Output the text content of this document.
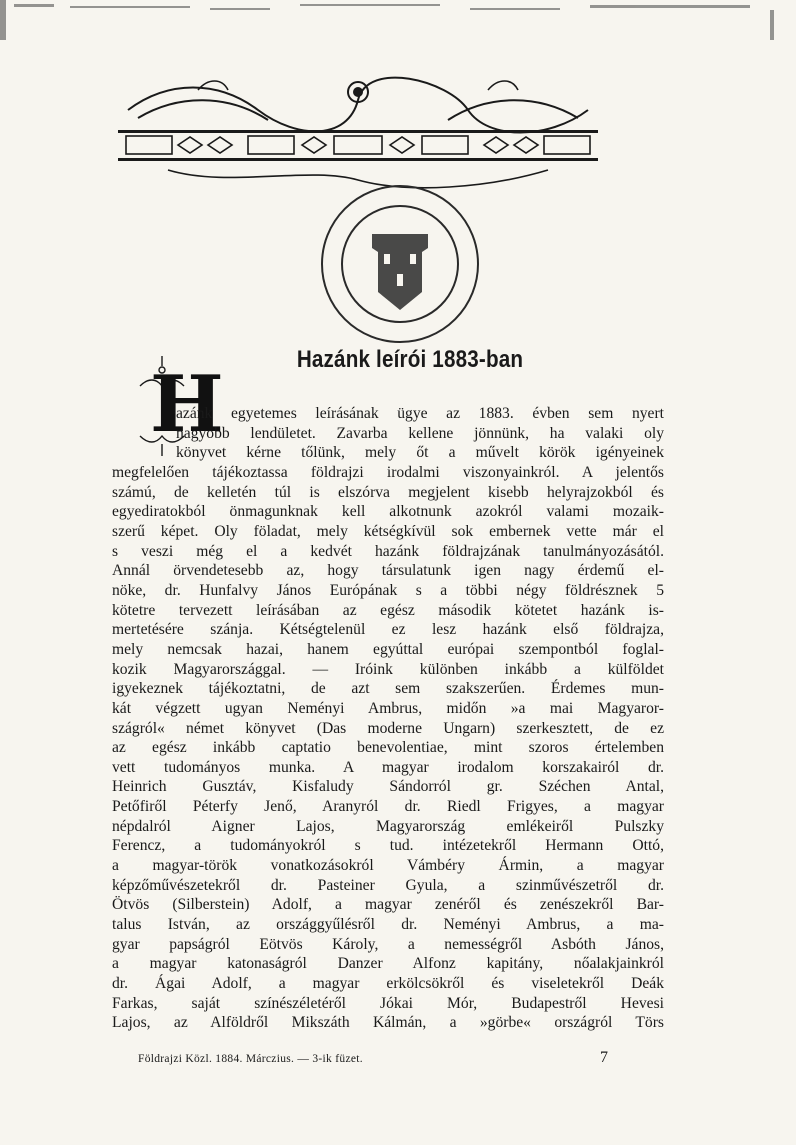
Hazánk leírói 1883-ban
H
azánk egyetemes leírásának ügye az 1883. évben sem nyert
nagyobb lendületet. Zavarba kellene jönnünk, ha valaki oly
könyvet kérne tőlünk, mely őt a művelt körök igényeinek
megfelelően tájékoztassa földrajzi irodalmi viszonyainkról. A jelentős
számú, de kelletén túl is elszórva megjelent kisebb helyrajzokból és
egyediratokból önmagunknak kell alkotnunk azokról valami mozaik-
szerű képet. Oly föladat, mely kétségkívül sok embernek vette már el
s veszi még el a kedvét hazánk földrajzának tanulmányozásától.
Annál örvendetesebb az, hogy társulatunk igen nagy érdemű el-
nöke, dr. Hunfalvy János Európának s a többi négy földrésznek 5
kötetre tervezett leírásában az egész második kötetet hazánk is-
mertetésére szánja. Kétségtelenül ez lesz hazánk első földrajza,
mely nemcsak hazai, hanem egyúttal európai szempontból foglal-
kozik Magyarországgal. — Iróink különben inkább a külföldet
igyekeznek tájékoztatni, de azt sem szakszerűen. Érdemes mun-
kát végzett ugyan Neményi Ambrus, midőn »a mai Magyaror-
szágról« német könyvet (Das moderne Ungarn) szerkesztett, de ez
az egész inkább captatio benevolentiae, mint szoros értelemben
vett tudományos munka. A magyar irodalom korszakairól dr.
Heinrich Gusztáv, Kisfaludy Sándorról gr. Széchen Antal,
Petőfiről Péterfy Jenő, Aranyról dr. Riedl Frigyes, a magyar
népdalról Aigner Lajos, Magyarország emlékeiről Pulszky
Ferencz, a tudományokról s tud. intézetekről Hermann Ottó,
a magyar-török vonatkozásokról Vámbéry Ármin, a magyar
képzőművészetekről dr. Pasteiner Gyula, a szinművészetről dr.
Ötvös (Silberstein) Adolf, a magyar zenéről és zenészekről Bar-
talus István, az országgyűlésről dr. Neményi Ambrus, a ma-
gyar papságról Eötvös Károly, a nemességről Asbóth János,
a magyar katonaságról Danzer Alfonz kapitány, nőalakjainkról
dr. Ágai Adolf, a magyar erkölcsökről és viseletekről Deák
Farkas, saját színészéletéről Jókai Mór, Budapestről Hevesi
Lajos, az Alföldről Mikszáth Kálmán, a »görbe« országról Törs
Földrajzi Közl. 1884. Márczius. — 3-ik füzet.	7
